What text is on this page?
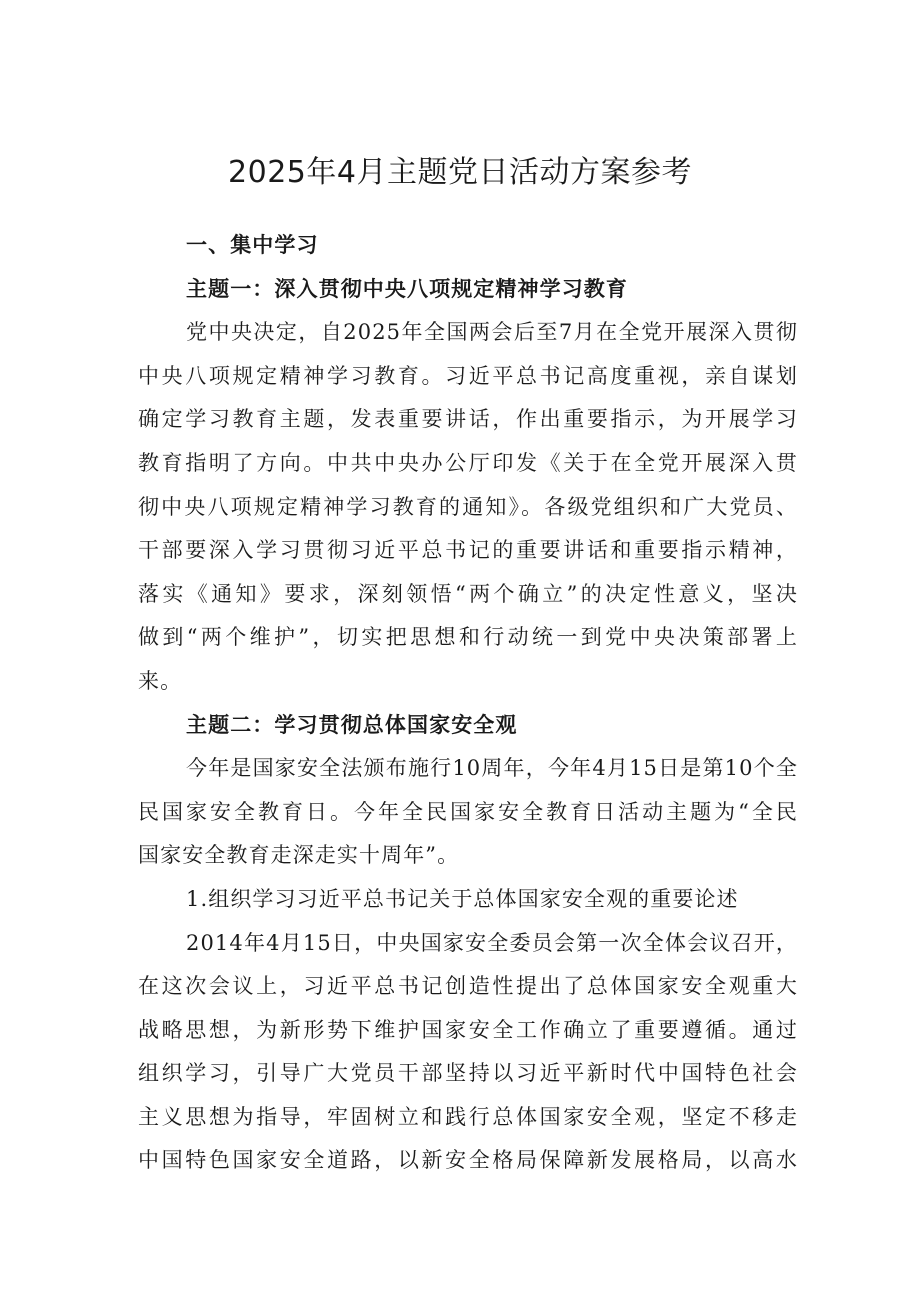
2025年4月主题党日活动方案参考
一、集中学习
主题一：深入贯彻中央八项规定精神学习教育
党中央决定，自2025年全国两会后至7月在全党开展深入贯彻
中央八项规定精神学习教育。习近平总书记高度重视，亲自谋划
确定学习教育主题，发表重要讲话，作出重要指示，为开展学习
教育指明了方向。中共中央办公厅印发《关于在全党开展深入贯
彻中央八项规定精神学习教育的通知》。各级党组织和广大党员、
干部要深入学习贯彻习近平总书记的重要讲话和重要指示精神，
落实《通知》要求，深刻领悟“两个确立”的决定性意义，坚决
做到“两个维护”，切实把思想和行动统一到党中央决策部署上
来。
主题二：学习贯彻总体国家安全观
今年是国家安全法颁布施行10周年，今年4月15日是第10个全
民国家安全教育日。今年全民国家安全教育日活动主题为“全民
国家安全教育走深走实十周年”。
1.组织学习习近平总书记关于总体国家安全观的重要论述
2014年4月15日，中央国家安全委员会第一次全体会议召开，
在这次会议上，习近平总书记创造性提出了总体国家安全观重大
战略思想，为新形势下维护国家安全工作确立了重要遵循。通过
组织学习，引导广大党员干部坚持以习近平新时代中国特色社会
主义思想为指导，牢固树立和践行总体国家安全观，坚定不移走
中国特色国家安全道路，以新安全格局保障新发展格局，以高水
